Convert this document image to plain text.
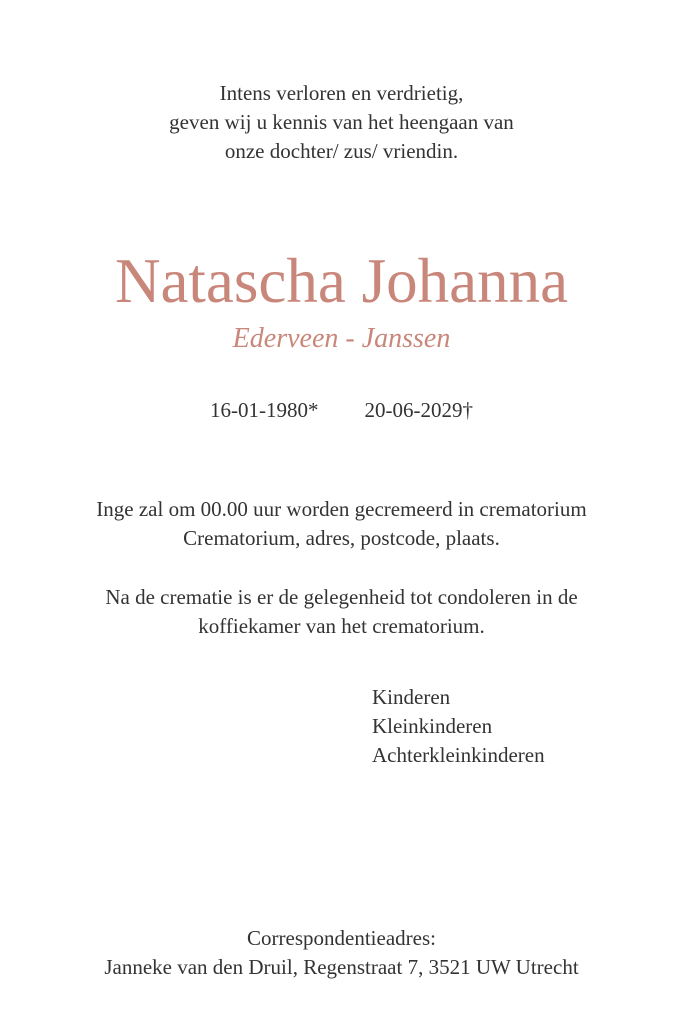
Intens verloren en verdrietig,
geven wij u kennis van het heengaan van
onze dochter/ zus/ vriendin.
Natascha Johanna
Ederveen - Janssen
16-01-1980* 20-06-2029†
Inge zal om 00.00 uur worden gecremeerd in crematorium
Crematorium, adres, postcode, plaats.
Na de crematie is er de gelegenheid tot condoleren in de
koffiekamer van het crematorium.
Kinderen
Kleinkinderen
Achterkleinkinderen
Correspondentieadres:
Janneke van den Druil, Regenstraat 7, 3521 UW Utrecht
